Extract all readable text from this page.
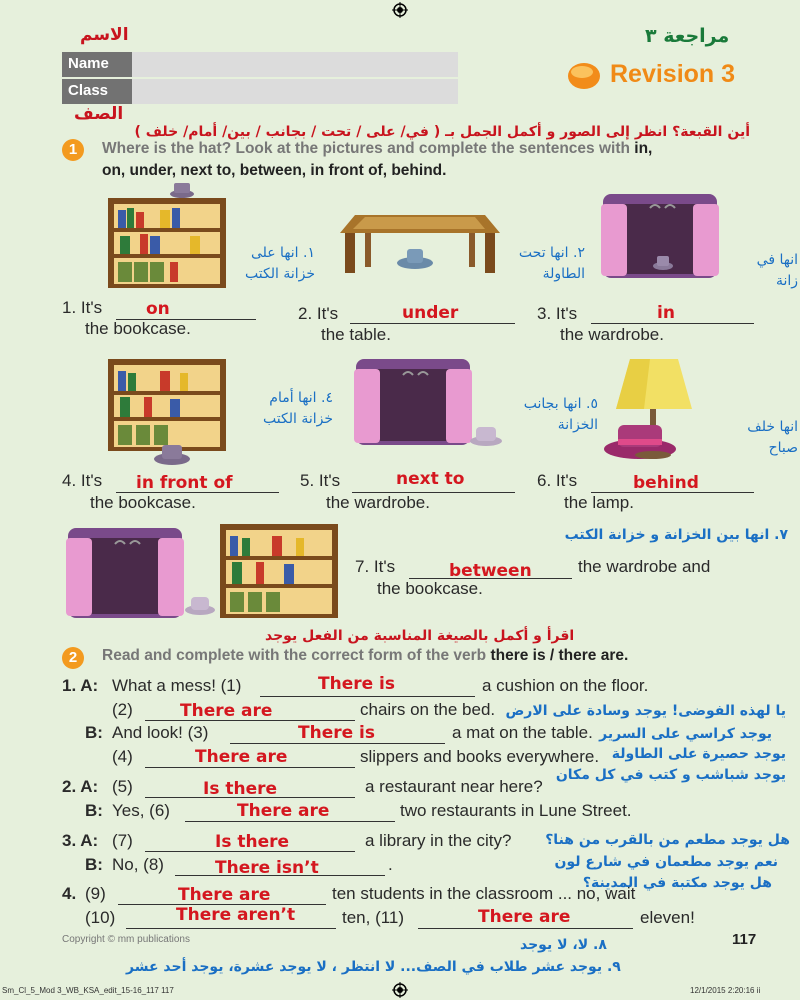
الاسم	مراجعة ٣
Name
Class
الصف
Revision 3
أين القبعة؟ انظر إلى الصور و أكمل الجمل بـ ( في/ على / تحت / بجانب / بين/ أمام/ خلف )
1	Where is the hat? Look at the pictures and complete the sentences with in,
on, under, next to, between, in front of, behind.
١. انها على
خزانة الكتب
٢. انها تحت
الطاولة
انها في
زانة
1. It's	on
the bookcase.
2. It's	under
the table.
3. It's	in
the wardrobe.
٤. انها أمام
خزانة الكتب
٥. انها بجانب
الخزانة	انها خلف
صباح
4. It's in front of
the bookcase.
5. It's	next to
the wardrobe.
6. It's	behind
the lamp.
٧. انها بين الخزانة و خزانة الكتب
7. It's	between	the wardrobe and
the bookcase.
اقرأ و أكمل بالصيغة المناسبة من الفعل يوجد
2	Read and complete with the correct form of the verb there is / there are.
1. A: What a mess! (1)	There is	a cushion on the floor.
(2)	There are	chairs on the bed.
B: And look! (3)	There is	a mat on the table.
(4)	There are	slippers and books everywhere.
2. A: (5)	Is there	a restaurant near here?
B: Yes, (6)	There are	two restaurants in Lune Street.
3. A: (7)	Is there	a library in the city?
B: No, (8)	There isn’t	.
4. (9)	There are	ten students in the classroom ... no, wait
(10)	There aren’t	ten, (11)	There are	eleven!
يا لهذه الفوضى! يوجد وسادة على الارض
يوجد كراسي على السرير
يوجد حصيرة على الطاولة
يوجد شباشب و كتب في كل مكان
هل يوجد مطعم من بالقرب من هنا؟
نعم يوجد مطعمان في شارع لون
هل يوجد مكتبة في المدينة؟
٨. لا، لا يوجد
٩. يوجد عشر طلاب في الصف... لا انتظر ، لا يوجد عشرة، يوجد أحد عشر
Copyright © mm publications	117
Sm_Cl_5_Mod 3_WB_KSA_edit_15-16_117 117	12/1/2015 2:20:16 ii
